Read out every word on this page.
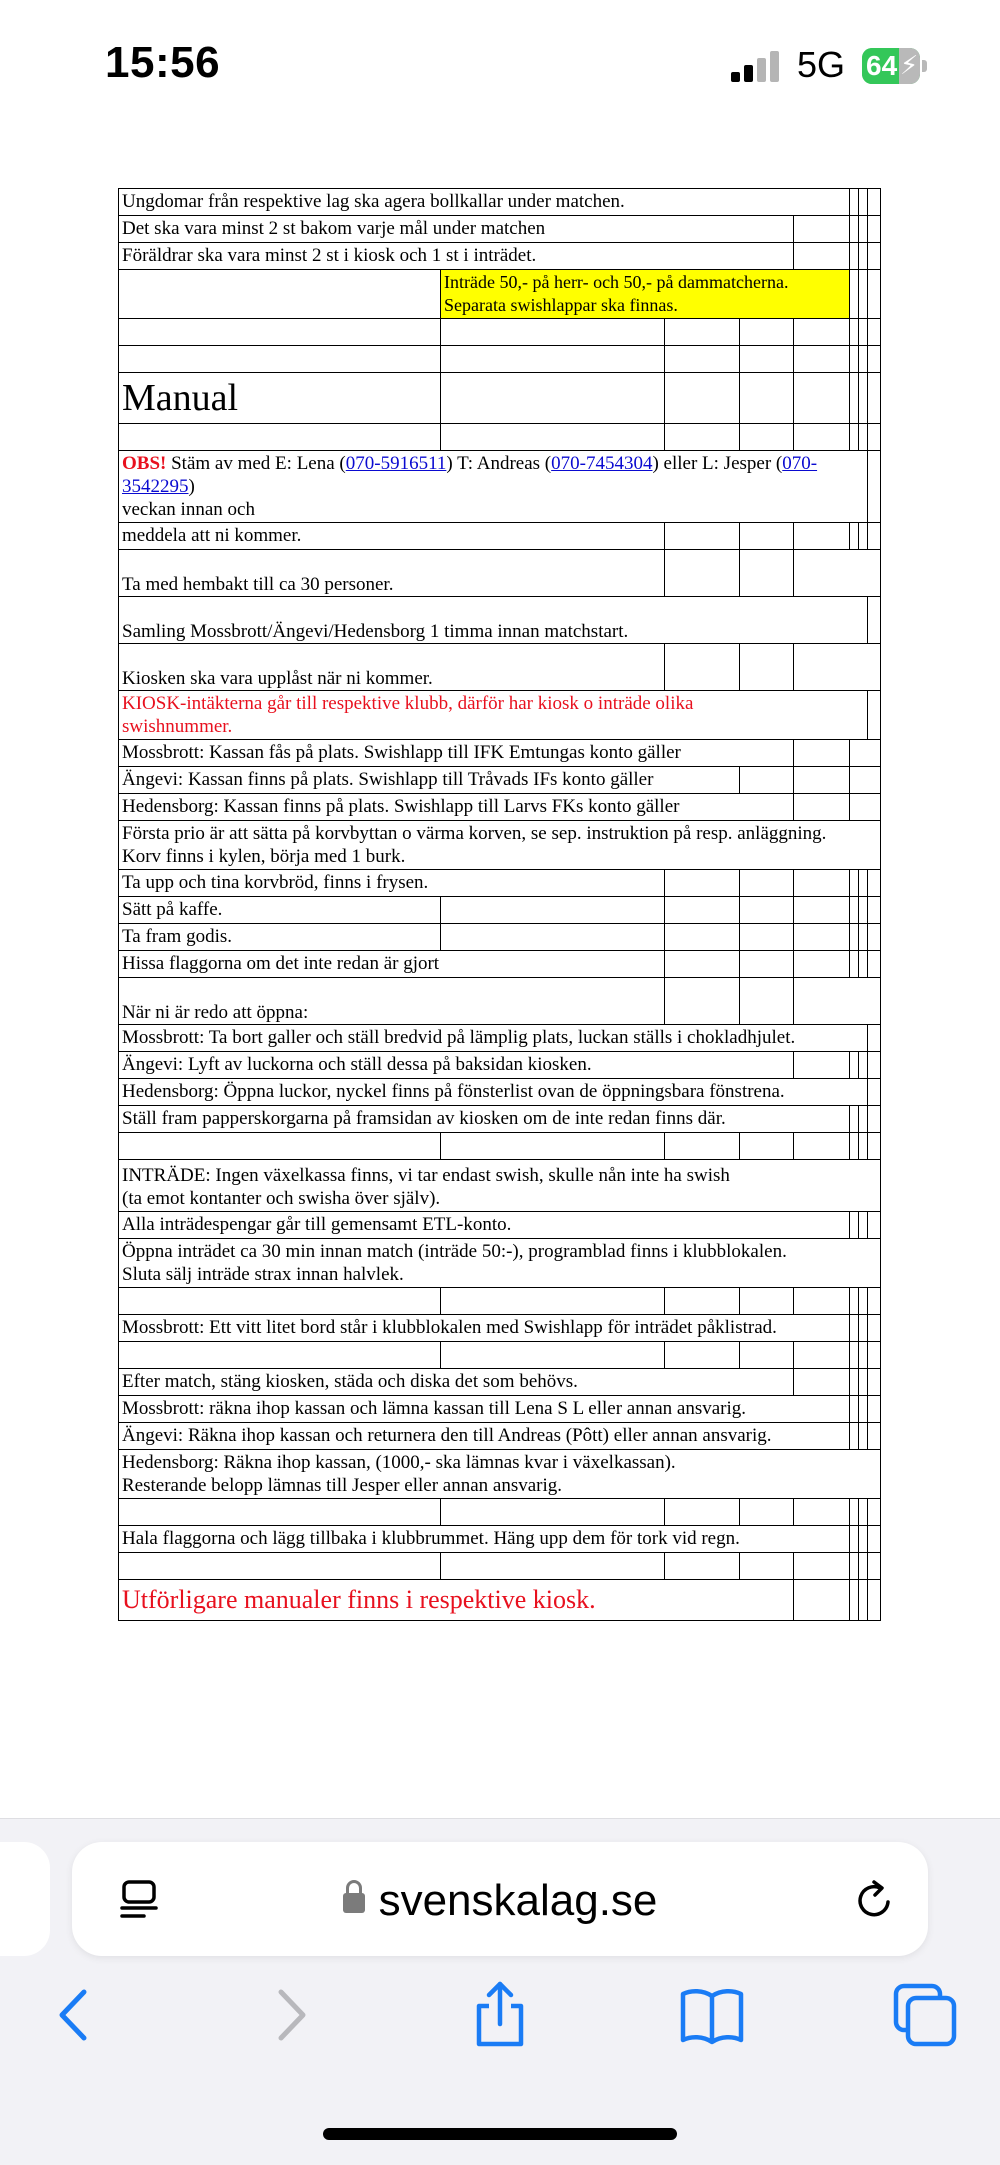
15:56	5G 64 ⚡
Ungdomar från respektive lag ska agera bollkallar under matchen.							
Det ska vara minst 2 st bakom varje mål under matchen							
Föräldrar ska vara minst 2 st i kiosk och 1 st i inträdet.							
	Inträde 50,- på herr- och 50,- på dammatcherna.
Separata swishlappar ska finnas.						

Manual							

OBS! Stäm av med E: Lena (070-5916511) T: Andreas (070-7454304) eller L: Jesper (070-
3542295)
veckan innan och							
meddela att ni kommer.							
Ta med hembakt till ca 30 personer.							
Samling Mossbrott/Ängevi/Hedensborg 1 timma innan matchstart.							
Kiosken ska vara upplåst när ni kommer.							
KIOSK-intäkterna går till respektive klubb, därför har kiosk o inträde olika
swishnummer.							
Mossbrott: Kassan fås på plats. Swishlapp till IFK Emtungas konto gäller							
Ängevi: Kassan finns på plats. Swishlapp till Tråvads IFs konto gäller							
Hedensborg: Kassan finns på plats. Swishlapp till Larvs FKs konto gäller							
Första prio är att sätta på korvbyttan o värma korven, se sep. instruktion på resp. anläggning.
Korv finns i kylen, börja med 1 burk.							
Ta upp och tina korvbröd, finns i frysen.							
Sätt på kaffe.							
Ta fram godis.							
Hissa flaggorna om det inte redan är gjort							
När ni är redo att öppna:							
Mossbrott: Ta bort galler och ställ bredvid på lämplig plats, luckan ställs i chokladhjulet.							
Ängevi: Lyft av luckorna och ställ dessa på baksidan kiosken.							
Hedensborg: Öppna luckor, nyckel finns på fönsterlist ovan de öppningsbara fönstrena.							
Ställ fram papperskorgarna på framsidan av kiosken om de inte redan finns där.							

INTRÄDE: Ingen växelkassa finns, vi tar endast swish, skulle nån inte ha swish
(ta emot kontanter och swisha över själv).							
Alla inträdespengar går till gemensamt ETL-konto.							
Öppna inträdet ca 30 min innan match (inträde 50:-), programblad finns i klubblokalen.
Sluta sälj inträde strax innan halvlek.							

Mossbrott: Ett vitt litet bord står i klubblokalen med Swishlapp för inträdet påklistrad.							

Efter match, stäng kiosken, städa och diska det som behövs.							
Mossbrott: räkna ihop kassan och lämna kassan till Lena S L eller annan ansvarig.							
Ängevi: Räkna ihop kassan och returnera den till Andreas (Pôtt) eller annan ansvarig.							
Hedensborg: Räkna ihop kassan, (1000,- ska lämnas kvar i växelkassan).
Resterande belopp lämnas till Jesper eller annan ansvarig.							

Hala flaggorna och lägg tillbaka i klubbrummet. Häng upp dem för tork vid regn.							

Utförligare manualer finns i respektive kiosk.							
svenskalag.se
